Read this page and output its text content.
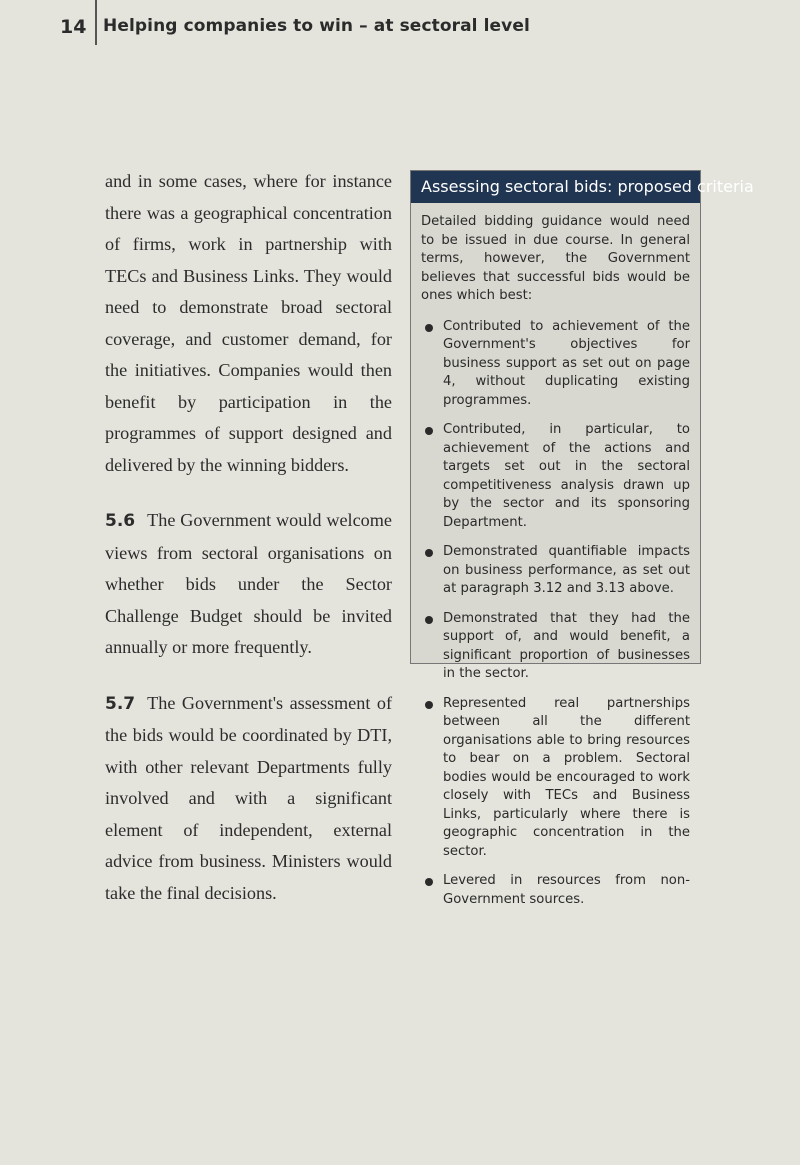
14 Helping companies to win – at sectoral level

and in some cases, where for instance there was a geographical concentration of firms, work in partnership with TECs and Business Links. They would need to demonstrate broad sectoral coverage, and customer demand, for the initiatives. Companies would then benefit by participation in the programmes of support designed and delivered by the winning bidders.

5.6 The Government would welcome views from sectoral organisations on whether bids under the Sector Challenge Budget should be invited annually or more frequently.

5.7 The Government's assessment of the bids would be coordinated by DTI, with other relevant Departments fully involved and with a significant element of independent, external advice from business. Ministers would take the final decisions.

Assessing sectoral bids: proposed criteria

Detailed bidding guidance would need to be issued in due course. In general terms, however, the Government believes that successful bids would be ones which best:

Contributed to achievement of the Government's objectives for business support as set out on page 4, without duplicating existing programmes.
Contributed, in particular, to achievement of the actions and targets set out in the sectoral competitiveness analysis drawn up by the sector and its sponsoring Department.
Demonstrated quantifiable impacts on business performance, as set out at paragraph 3.12 and 3.13 above.
Demonstrated that they had the support of, and would benefit, a significant proportion of businesses in the sector.
Represented real partnerships between all the different organisations able to bring resources to bear on a problem. Sectoral bodies would be encouraged to work closely with TECs and Business Links, particularly where there is geographic concentration in the sector.
Levered in resources from non-Government sources.
